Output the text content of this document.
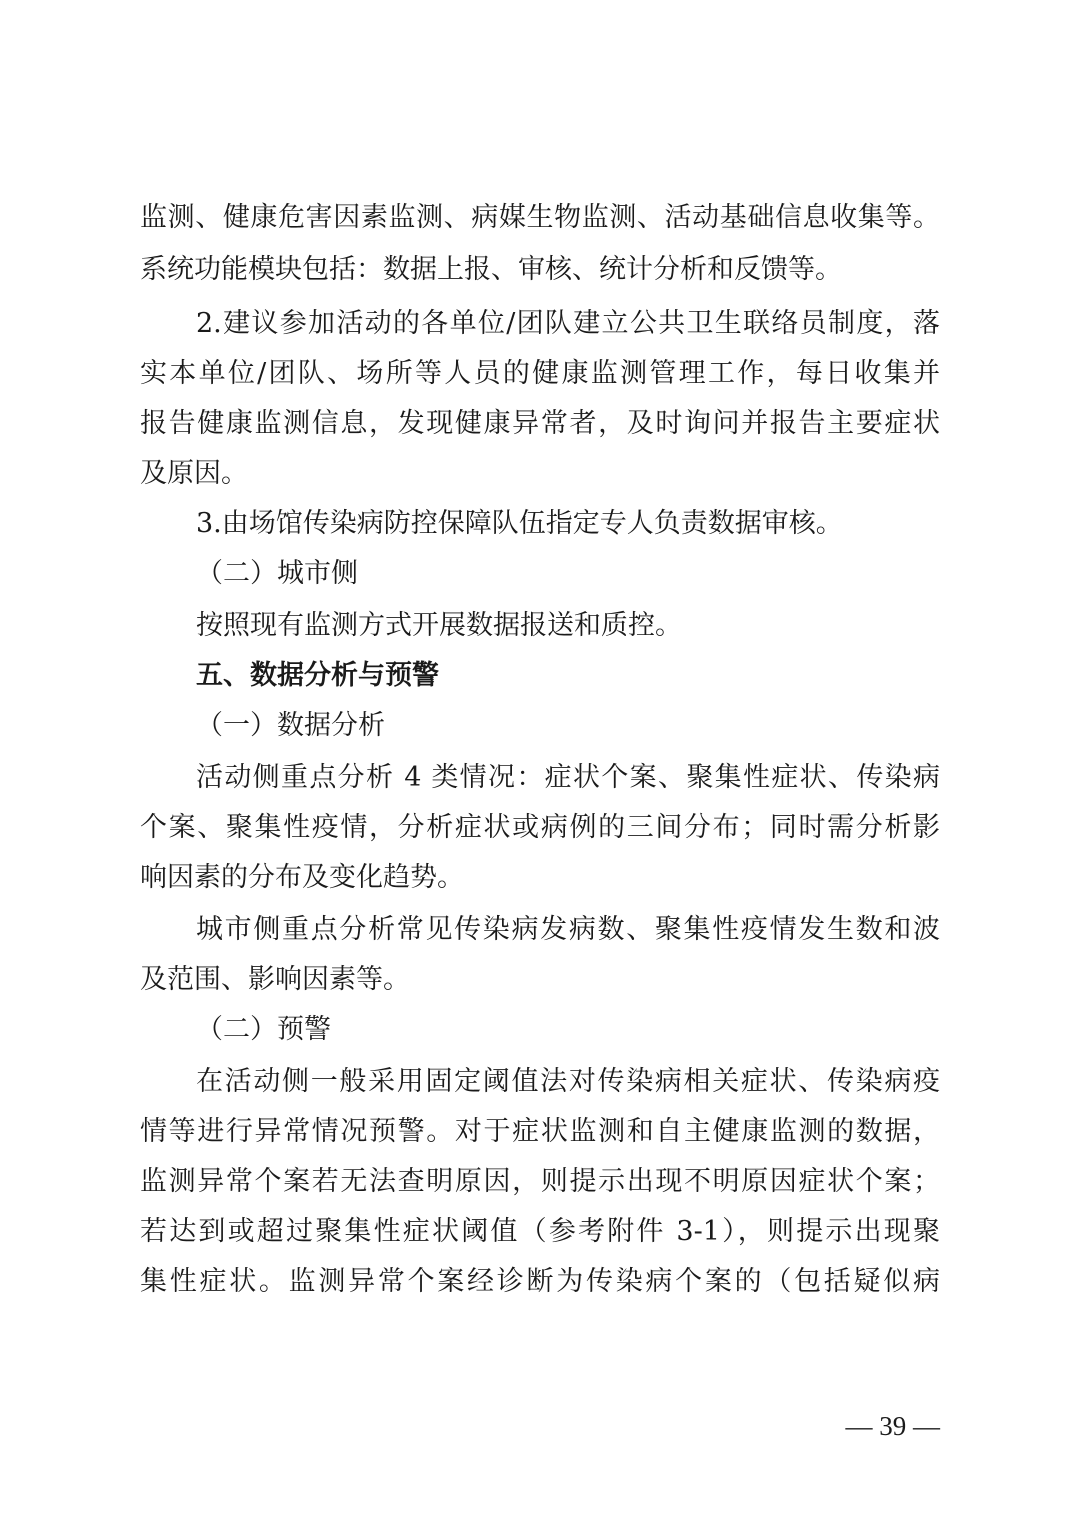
监测、健康危害因素监测、病媒生物监测、活动基础信息收集等。
系统功能模块包括：数据上报、审核、统计分析和反馈等。
2.建议参加活动的各单位/团队建立公共卫生联络员制度，落
实本单位/团队、场所等人员的健康监测管理工作，每日收集并
报告健康监测信息，发现健康异常者，及时询问并报告主要症状
及原因。
3.由场馆传染病防控保障队伍指定专人负责数据审核。
（二）城市侧
按照现有监测方式开展数据报送和质控。
五、数据分析与预警
（一）数据分析
活动侧重点分析 4 类情况：症状个案、聚集性症状、传染病
个案、聚集性疫情，分析症状或病例的三间分布；同时需分析影
响因素的分布及变化趋势。
城市侧重点分析常见传染病发病数、聚集性疫情发生数和波
及范围、影响因素等。
（二）预警
在活动侧一般采用固定阈值法对传染病相关症状、传染病疫
情等进行异常情况预警。对于症状监测和自主健康监测的数据，
监测异常个案若无法查明原因，则提示出现不明原因症状个案；
若达到或超过聚集性症状阈值（参考附件 3-1），则提示出现聚
集性症状。监测异常个案经诊断为传染病个案的（包括疑似病
— 39 —
